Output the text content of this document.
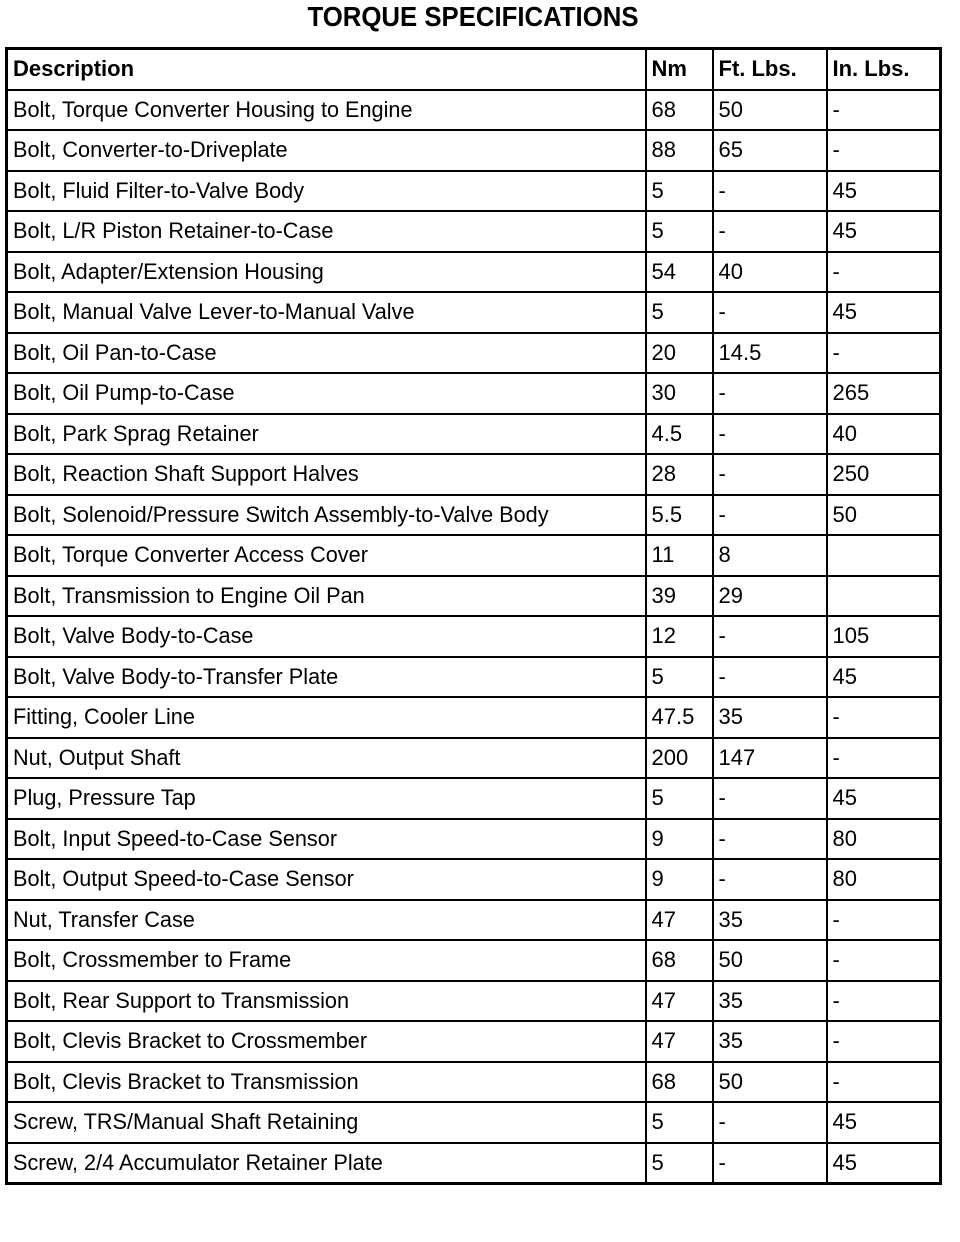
TORQUE SPECIFICATIONS
Description	Nm	Ft. Lbs.	In. Lbs.
Bolt, Torque Converter Housing to Engine	68	50	-
Bolt, Converter-to-Driveplate	88	65	-
Bolt, Fluid Filter-to-Valve Body	5	-	45
Bolt, L/R Piston Retainer-to-Case	5	-	45
Bolt, Adapter/Extension Housing	54	40	-
Bolt, Manual Valve Lever-to-Manual Valve	5	-	45
Bolt, Oil Pan-to-Case	20	14.5	-
Bolt, Oil Pump-to-Case	30	-	265
Bolt, Park Sprag Retainer	4.5	-	40
Bolt, Reaction Shaft Support Halves	28	-	250
Bolt, Solenoid/Pressure Switch Assembly-to-Valve Body	5.5	-	50
Bolt, Torque Converter Access Cover	11	8	
Bolt, Transmission to Engine Oil Pan	39	29	
Bolt, Valve Body-to-Case	12	-	105
Bolt, Valve Body-to-Transfer Plate	5	-	45
Fitting, Cooler Line	47.5	35	-
Nut, Output Shaft	200	147	-
Plug, Pressure Tap	5	-	45
Bolt, Input Speed-to-Case Sensor	9	-	80
Bolt, Output Speed-to-Case Sensor	9	-	80
Nut, Transfer Case	47	35	-
Bolt, Crossmember to Frame	68	50	-
Bolt, Rear Support to Transmission	47	35	-
Bolt, Clevis Bracket to Crossmember	47	35	-
Bolt, Clevis Bracket to Transmission	68	50	-
Screw, TRS/Manual Shaft Retaining	5	-	45
Screw, 2/4 Accumulator Retainer Plate	5	-	45
